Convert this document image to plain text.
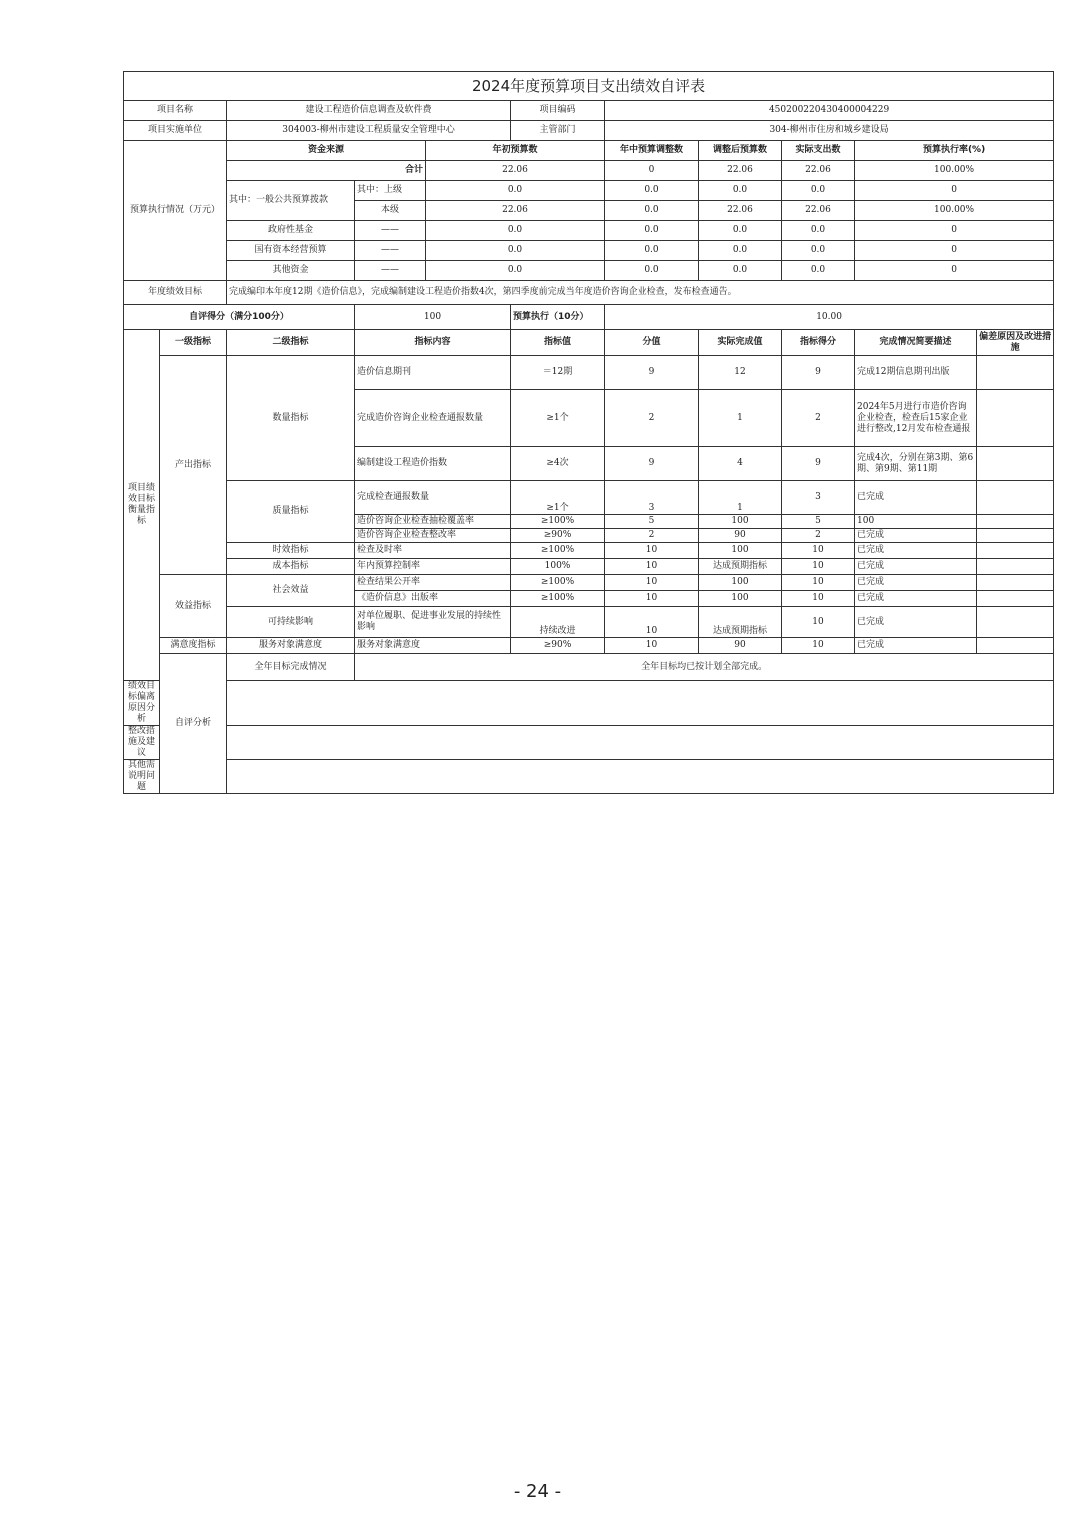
2024年度预算项目支出绩效自评表										
项目名称		建设工程造价信息调查及软件费			项目编码	450200220430400004229				
项目实施单位		304003-柳州市建设工程质量安全管理中心			主管部门	304-柳州市住房和城乡建设局				
预算执行情况（万元）		资金来源		年初预算数		年中预算调整数	调整后预算数	实际支出数	预算执行率(%)	
		合计		22.06		0	22.06	22.06	100.00%	
		其中：一般公共预算拨款	其中：上级	0.0		0.0	0.0	0.0	0	
			本级	22.06		0.0	22.06	22.06	100.00%	
		政府性基金	——	0.0		0.0	0.0	0.0	0	
		国有资本经营预算	——	0.0		0.0	0.0	0.0	0	
		其他资金	——	0.0		0.0	0.0	0.0	0	
年度绩效目标		完成编印本年度12期《造价信息》，完成编制建设工程造价指数4次，第四季度前完成当年度造价咨询企业检查，发布检查通告。								
自评得分（满分100分）			100		预算执行（10分）	10.00				
项目绩效目标衡量指标	一级指标	二级指标	指标内容		指标值	分值	实际完成值	指标得分	完成情况简要描述	偏差原因及改进措施
	产出指标	数量指标	造价信息期刊		＝12期	9	12	9	完成12期信息期刊出版	
			完成造价咨询企业检查通报数量		≥1个	2	1	2	2024年5月进行市造价咨询企业检查，检查后15家企业进行整改,12月发布检查通报	
			编制建设工程造价指数		≥4次	9	4	9	完成4次，分别在第3期、第6期、第9期、第11期	
		质量指标	完成检查通报数量		≥1个	3	1	3	已完成	
			造价咨询企业检查抽检覆盖率		≥100%	5	100	5	100	
			造价咨询企业检查整改率		≥90%	2	90	2	已完成	
		时效指标	检查及时率		≥100%	10	100	10	已完成	
		成本指标	年内预算控制率		100%	10	达成预期指标	10	已完成	
	效益指标	社会效益	检查结果公开率		≥100%	10	100	10	已完成	
			《造价信息》出版率		≥100%	10	100	10	已完成	
		可持续影响	对单位履职、促进事业发展的持续性影响		持续改进	10	达成预期指标	10	已完成	
	满意度指标	服务对象满意度	服务对象满意度		≥90%	10	90	10	已完成	
	自评分析	全年目标完成情况	全年目标均已按计划全部完成。							
绩效目标偏离原因分析										
整改措施及建议										
其他需说明问题										
- 24 -
